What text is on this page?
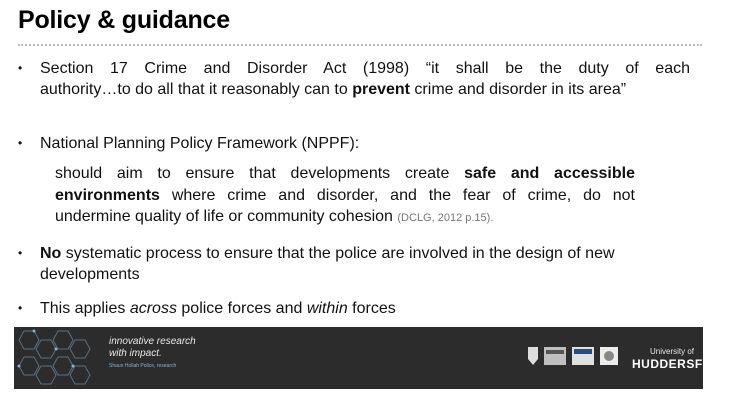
Policy & guidance
• Section 17 Crime and Disorder Act (1998) “it shall be the duty of each
authority…to do all that it reasonably can to prevent crime and disorder in its area”
• National Planning Policy Framework (NPPF):
should aim to ensure that developments create safe and accessible
environments where crime and disorder, and the fear of crime, do not
undermine quality of life or community cohesion (DCLG, 2012 p.15).
• No systematic process to ensure that the police are involved in the design of new
developments
• This applies across police forces and within forces
innovative research
with impact.
Shaun Hollah Police, research
University of
HUDDERSFIELD
